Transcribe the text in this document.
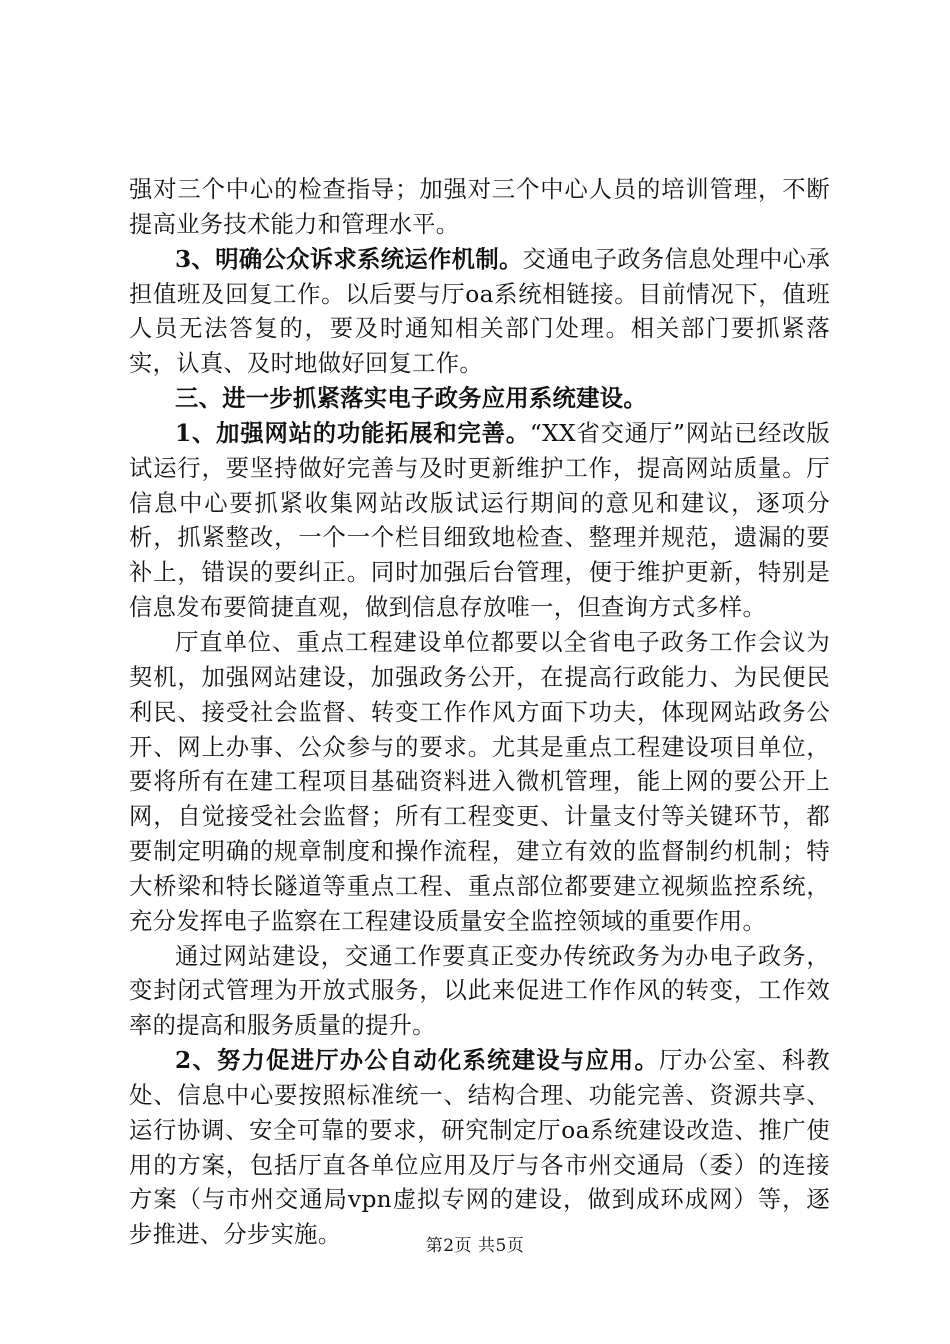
强对三个中心的检查指导；加强对三个中心人员的培训管理，不断提高业务技术能力和管理水平。

3、明确公众诉求系统运作机制。交通电子政务信息处理中心承担值班及回复工作。以后要与厅oa系统相链接。目前情况下，值班人员无法答复的，要及时通知相关部门处理。相关部门要抓紧落实，认真、及时地做好回复工作。

三、进一步抓紧落实电子政务应用系统建设。

1、加强网站的功能拓展和完善。“XX省交通厅”网站已经改版试运行，要坚持做好完善与及时更新维护工作，提高网站质量。厅信息中心要抓紧收集网站改版试运行期间的意见和建议，逐项分析，抓紧整改，一个一个栏目细致地检查、整理并规范，遗漏的要补上，错误的要纠正。同时加强后台管理，便于维护更新，特别是信息发布要简捷直观，做到信息存放唯一，但查询方式多样。

厅直单位、重点工程建设单位都要以全省电子政务工作会议为契机，加强网站建设，加强政务公开，在提高行政能力、为民便民利民、接受社会监督、转变工作作风方面下功夫，体现网站政务公开、网上办事、公众参与的要求。尤其是重点工程建设项目单位，要将所有在建工程项目基础资料进入微机管理，能上网的要公开上网，自觉接受社会监督；所有工程变更、计量支付等关键环节，都要制定明确的规章制度和操作流程，建立有效的监督制约机制；特大桥梁和特长隧道等重点工程、重点部位都要建立视频监控系统，充分发挥电子监察在工程建设质量安全监控领域的重要作用。

通过网站建设，交通工作要真正变办传统政务为办电子政务，变封闭式管理为开放式服务，以此来促进工作作风的转变，工作效率的提高和服务质量的提升。

2、努力促进厅办公自动化系统建设与应用。厅办公室、科教处、信息中心要按照标准统一、结构合理、功能完善、资源共享、运行协调、安全可靠的要求，研究制定厅oa系统建设改造、推广使用的方案，包括厅直各单位应用及厅与各市州交通局（委）的连接方案（与市州交通局vpn虚拟专网的建设，做到成环成网）等，逐步推进、分步实施。	第2页 共5页
